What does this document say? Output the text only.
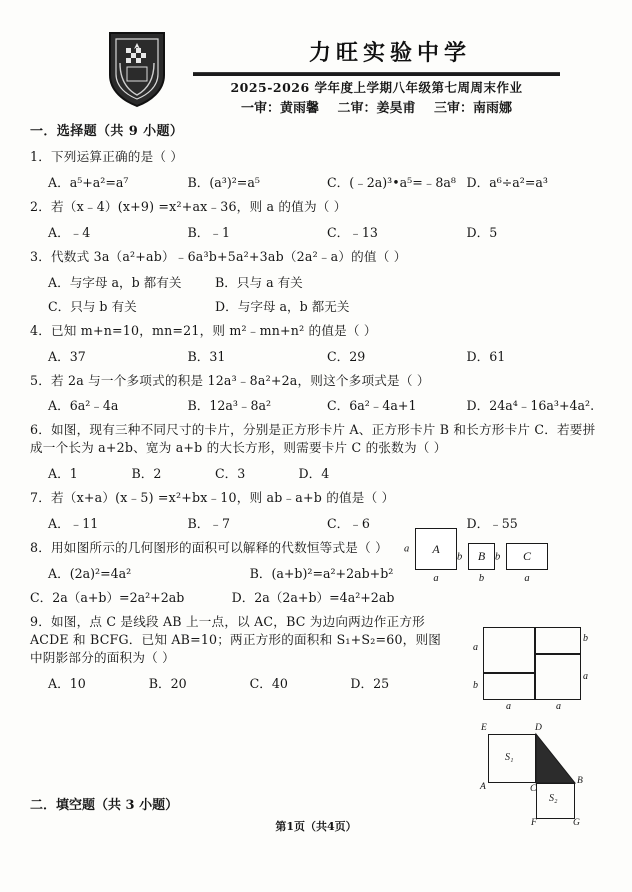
力旺实验中学
2025-2026 学年度上学期八年级第七周周末作业
一审：黄雨馨 二审：姜昊甫 三审：南雨娜
一．选择题（共 9 小题）
1．下列运算正确的是（ ）
A．a⁵+a²=a⁷	B．(a³)²=a⁵	C．(﹣2a)³•a⁵=﹣8a⁸ D．a⁶÷a²=a³
2．若（x﹣4）(x+9) =x²+ax﹣36，则 a 的值为（ ）
A．﹣4	B．﹣1	C．﹣13	D．5
3．代数式 3a（a²+ab）﹣6a³b+5a²+3ab（2a²﹣a）的值（ ）
A．与字母 a，b 都有关	B．只与 a 有关
C．只与 b 有关	D．与字母 a，b 都无关
4．已知 m+n=10，mn=21，则 m²﹣mn+n² 的值是（ ）
A．37	B．31	C．29	D．61
5．若 2a 与一个多项式的积是 12a³﹣8a²+2a，则这个多项式是（ ）
A．6a²﹣4a	B．12a³﹣8a²	C．6a²﹣4a+1	D．24a⁴﹣16a³+4a².
6．如图，现有三种不同尺寸的卡片，分别是正方形卡片 A、正方形卡片 B 和长方形卡片 C．若要拼成一个长为 a+2b、宽为 a+b 的大长方形，则需要卡片 C 的张数为（ ）
A．1	B．2	C．3	D．4
7．若（x+a）(x﹣5) =x²+bx﹣10，则 ab﹣a+b 的值是（ ）
A．﹣11	B．﹣7	C．﹣6	D．﹣55
8．用如图所示的几何图形的面积可以解释的代数恒等式是（ ）
A．(2a)²=4a²	B．(a+b)²=a²+2ab+b²
C．2a（a+b）=2a²+2ab	D．2a（2a+b）=4a²+2ab
9．如图，点 C 是线段 AB 上一点，以 AC，BC 为边向两边作正方形 ACDE 和 BCFG．已知 AB=10；两正方形的面积和 S₁+S₂=60，则图中阴影部分的面积为（ ）
A．10	B．20	C．40	D．25
a A
a
b B
b
b C
a
a
b
b
a
a	a
S₁
S₂
E	D
A	C
B
F	G
二．填空题（共 3 小题）
第1页（共4页）
